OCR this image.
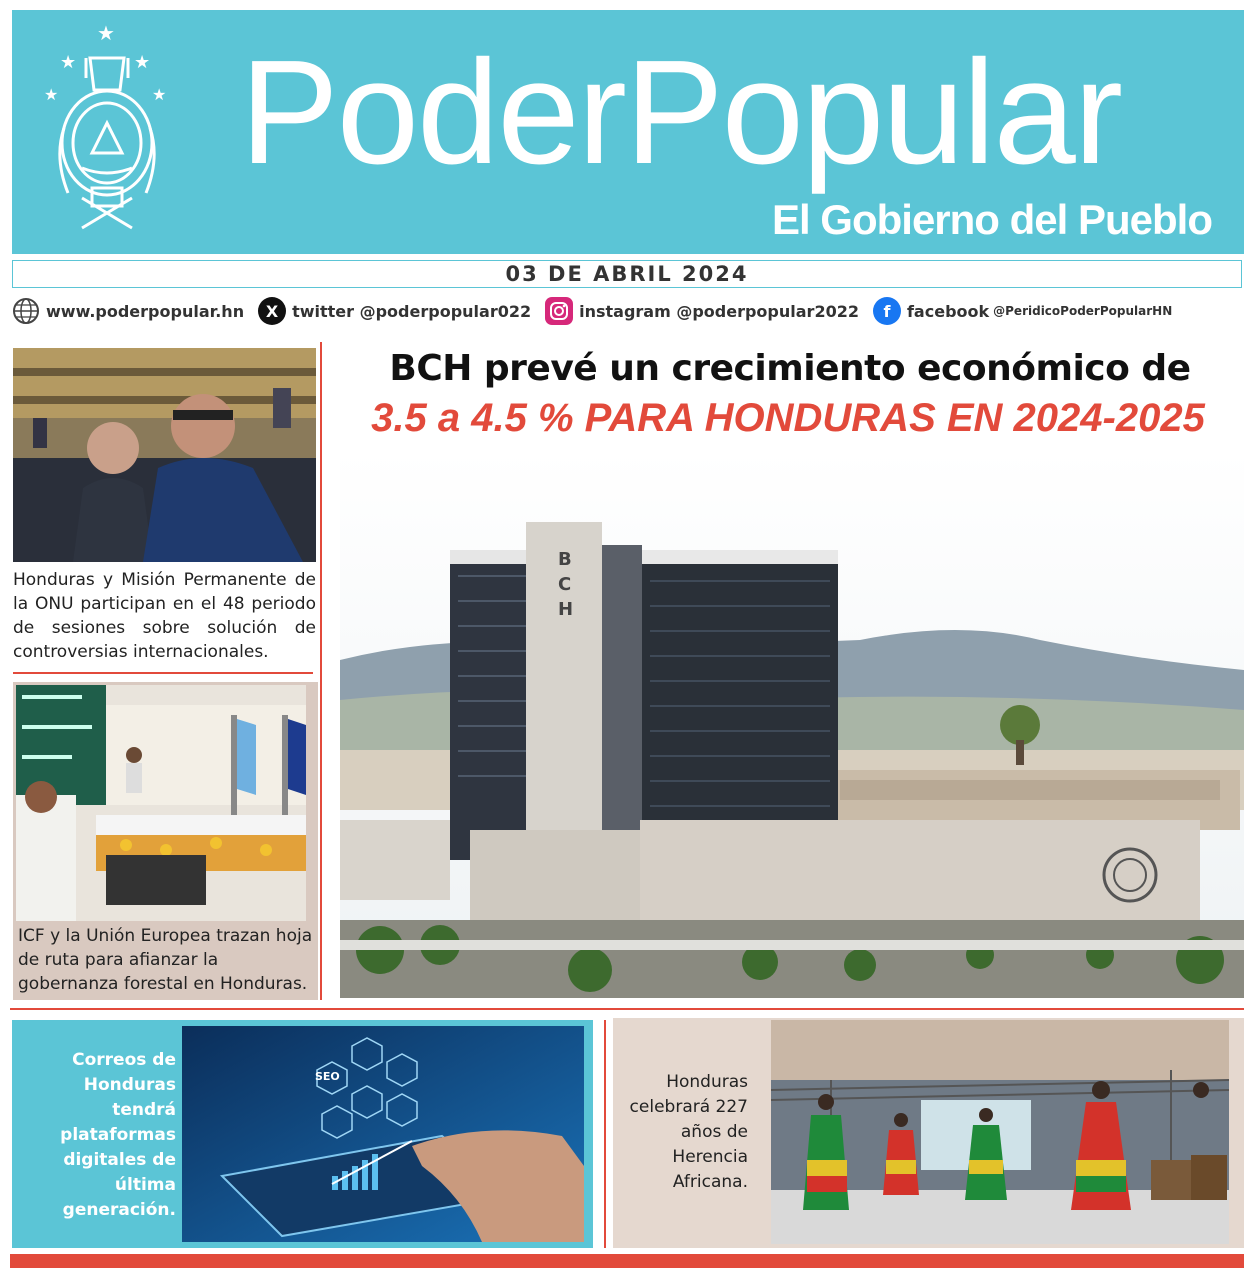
★
★	★
★	★ PoderPopular
El Gobierno del Pueblo
03 DE ABRIL 2024
www.poderpopular.hn	X twitter @poderpopular022	instagram @poderpopular2022	f	facebook @PeridicoPoderPopularHN
Honduras y Misión Permanente de la ONU participan en el 48 periodo de sesiones sobre solución de controversias internacionales.
ICF y la Unión Europea trazan hoja de ruta para afianzar la gobernanza forestal en Honduras.
BCH prevé un crecimiento económico de
3.5 a 4.5 % PARA HONDURAS EN 2024-2025
B
C
H
Correos de Honduras tendrá plataformas digitales de última generación.
SEO	Honduras celebrará 227 años de Herencia Africana.
